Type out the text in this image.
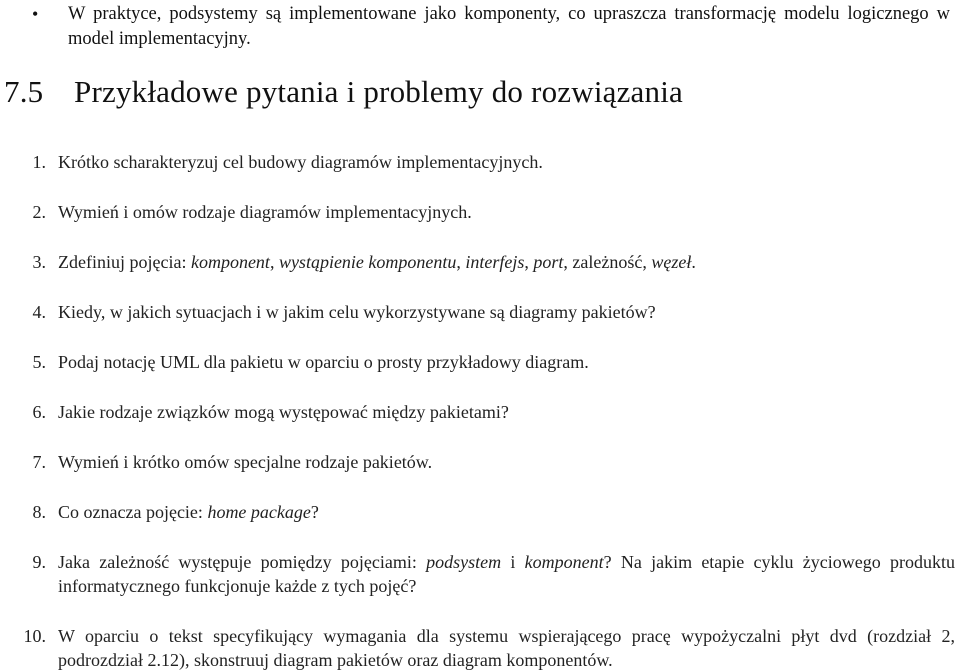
• W praktyce, podsystemy są implementowane jako komponenty, co upraszcza transformację modelu logicznego w model implementacyjny.
7.5 Przykładowe pytania i problemy do rozwiązania
1. Krótko scharakteryzuj cel budowy diagramów implementacyjnych.
2. Wymień i omów rodzaje diagramów implementacyjnych.
3. Zdefiniuj pojęcia: komponent, wystąpienie komponentu, interfejs, port, zależność, węzeł.
4. Kiedy, w jakich sytuacjach i w jakim celu wykorzystywane są diagramy pakietów?
5. Podaj notację UML dla pakietu w oparciu o prosty przykładowy diagram.
6. Jakie rodzaje związków mogą występować między pakietami?
7. Wymień i krótko omów specjalne rodzaje pakietów.
8. Co oznacza pojęcie: home package?
9. Jaka zależność występuje pomiędzy pojęciami: podsystem i komponent? Na jakim etapie cyklu życiowego produktu informatycznego funkcjonuje każde z tych pojęć?
10. W oparciu o tekst specyfikujący wymagania dla systemu wspierającego pracę wypożyczalni płyt dvd (rozdział 2, podrozdział 2.12), skonstruuj diagram pakietów oraz diagram komponentów.
